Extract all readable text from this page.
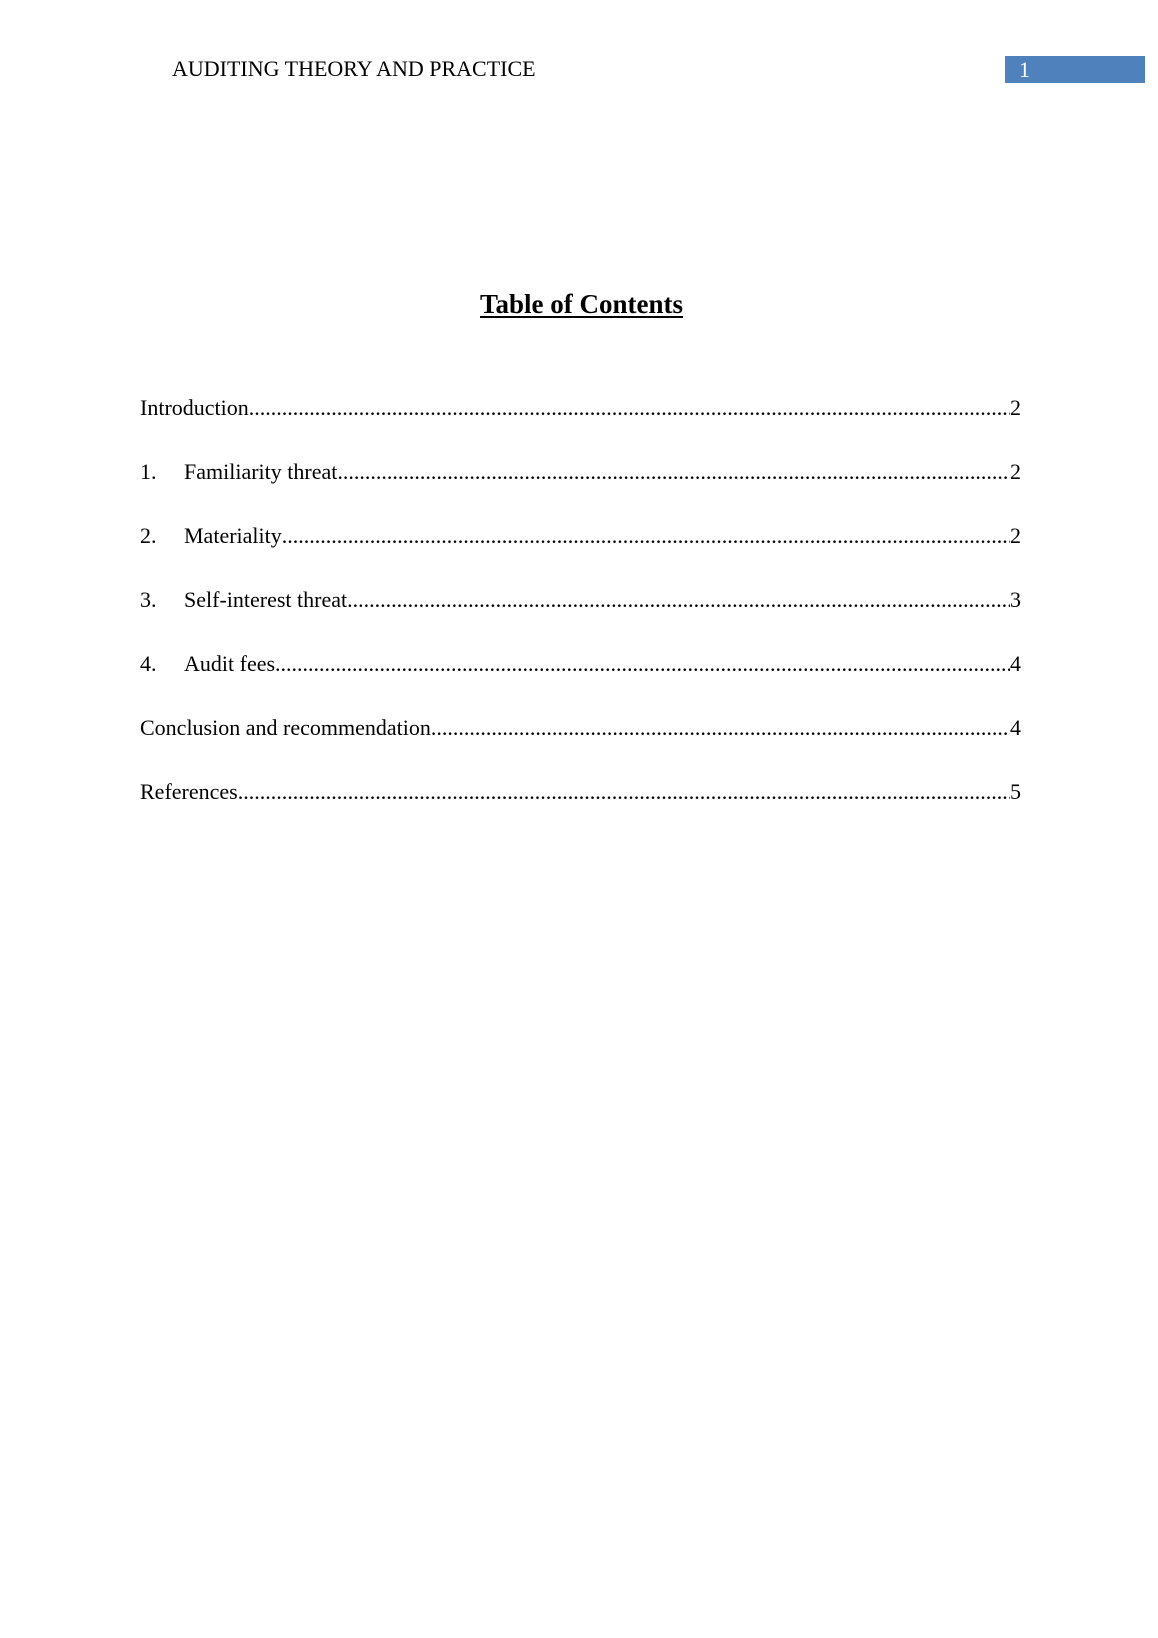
AUDITING THEORY AND PRACTICE	1
Table of Contents
Introduction .....	2
1.	Familiarity threat .....	2
2.	Materiality .....	2
3.	Self-interest threat .....	3
4.	Audit fees .....	4
Conclusion and recommendation .....	4
References .....	5
